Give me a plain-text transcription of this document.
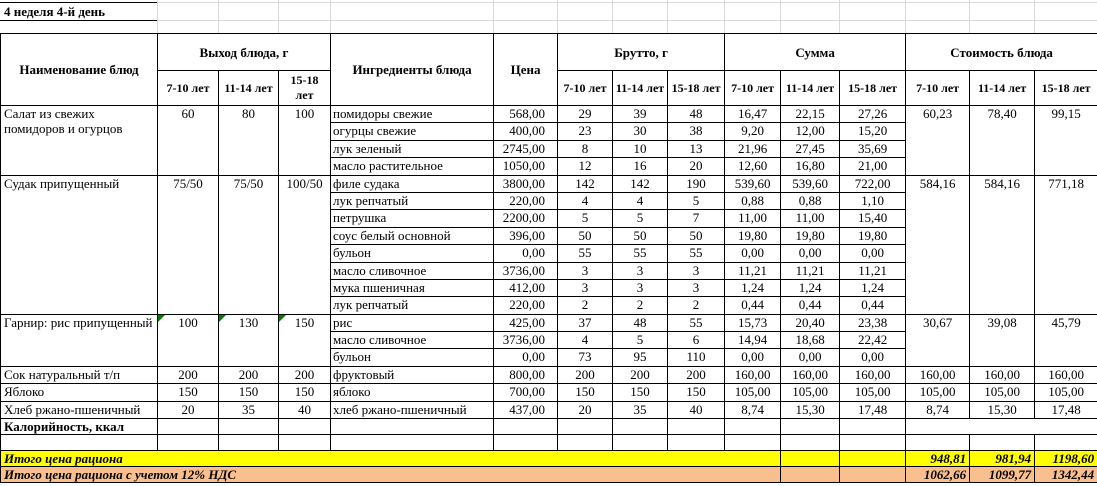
4 неделя 4-й день
Наименование блюд	Выход блюда, г			Ингредиенты блюда	Цена	Брутто, г			Сумма			Стоимость блюда		
	7-10 лет	11-14 лет	15-18 лет			7-10 лет	11-14 лет	15-18 лет	7-10 лет	11-14 лет	15-18 лет	7-10 лет	11-14 лет	15-18 лет
Салат из свежих помидоров и огурцов	60	80	100	помидоры свежие	568,00	29	39	48	16,47	22,15	27,26	60,23	78,40	99,15
				огурцы свежие	400,00	23	30	38	9,20	12,00	15,20			
				лук зеленый	2745,00	8	10	13	21,96	27,45	35,69			
				масло растительное	1050,00	12	16	20	12,60	16,80	21,00			
Судак припущенный	75/50	75/50	100/50	филе судака	3800,00	142	142	190	539,60	539,60	722,00	584,16	584,16	771,18
				лук репчатый	220,00	4	4	5	0,88	0,88	1,10			
				петрушка	2200,00	5	5	7	11,00	11,00	15,40			
				соус белый основной	396,00	50	50	50	19,80	19,80	19,80			
				бульон	0,00	55	55	55	0,00	0,00	0,00			
				масло сливочное	3736,00	3	3	3	11,21	11,21	11,21			
				мука пшеничная	412,00	3	3	3	1,24	1,24	1,24			
				лук репчатый	220,00	2	2	2	0,44	0,44	0,44			
Гарнир: рис припущенный	100	130	150	рис	425,00	37	48	55	15,73	20,40	23,38	30,67	39,08	45,79
				масло сливочное	3736,00	4	5	6	14,94	18,68	22,42			
				бульон	0,00	73	95	110	0,00	0,00	0,00			
Сок натуральный т/п	200	200	200	фруктовый	800,00	200	200	200	160,00	160,00	160,00	160,00	160,00	160,00
Яблоко	150	150	150	яблоко	700,00	150	150	150	105,00	105,00	105,00	105,00	105,00	105,00
Хлеб ржано-пшеничный	20	35	40	хлеб ржано-пшеничный	437,00	20	35	40	8,74	15,30	17,48	8,74	15,30	17,48
Калорийность, ккал														

Итого цена рациона												948,81	981,94	1198,60
Итого цена рациона с учетом 12% НДС												1062,66	1099,77	1342,44
